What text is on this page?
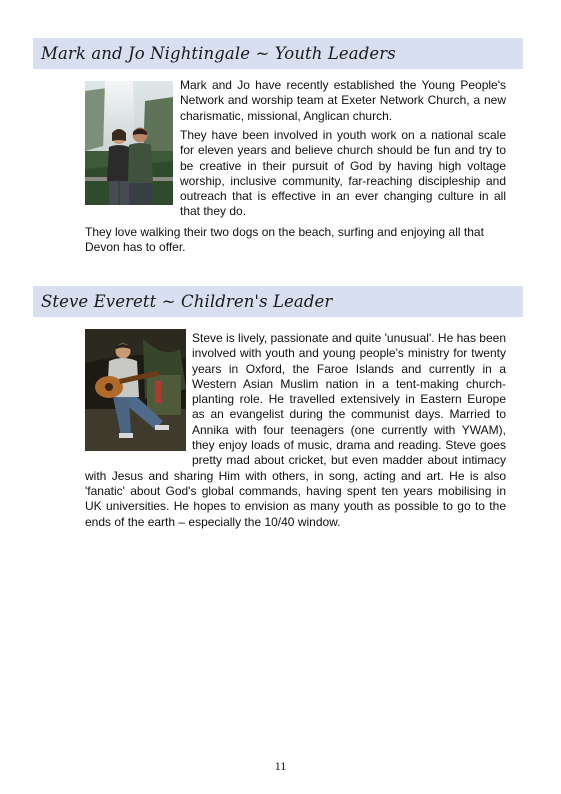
Mark and Jo Nightingale ~ Youth Leaders

Mark and Jo have recently established the Young People's Network and worship team at Exeter Network Church, a new charismatic, missional, Anglican church.

They have been involved in youth work on a national scale for eleven years and believe church should be fun and try to be creative in their pursuit of God by having high voltage worship, inclusive community, far-reaching discipleship and outreach that is effective in an ever changing culture in all that they do.

They love walking their two dogs on the beach, surfing and enjoying all that Devon has to offer.

Steve Everett ~ Children's Leader

Steve is lively, passionate and quite 'unusual'. He has been involved with youth and young people's ministry for twenty years in Oxford, the Faroe Islands and currently in a Western Asian Muslim nation in a tent-making church-planting role. He travelled extensively in Eastern Europe as an evangelist during the communist days. Married to Annika with four teenagers (one currently with YWAM), they enjoy loads of music, drama and reading. Steve goes pretty mad about cricket, but even madder about intimacy with Jesus and sharing Him with others, in song, acting and art. He is also 'fanatic' about God's global commands, having spent ten years mobilising in UK universities. He hopes to envision as many youth as possible to go to the ends of the earth – especially the 10/40 window.

11
